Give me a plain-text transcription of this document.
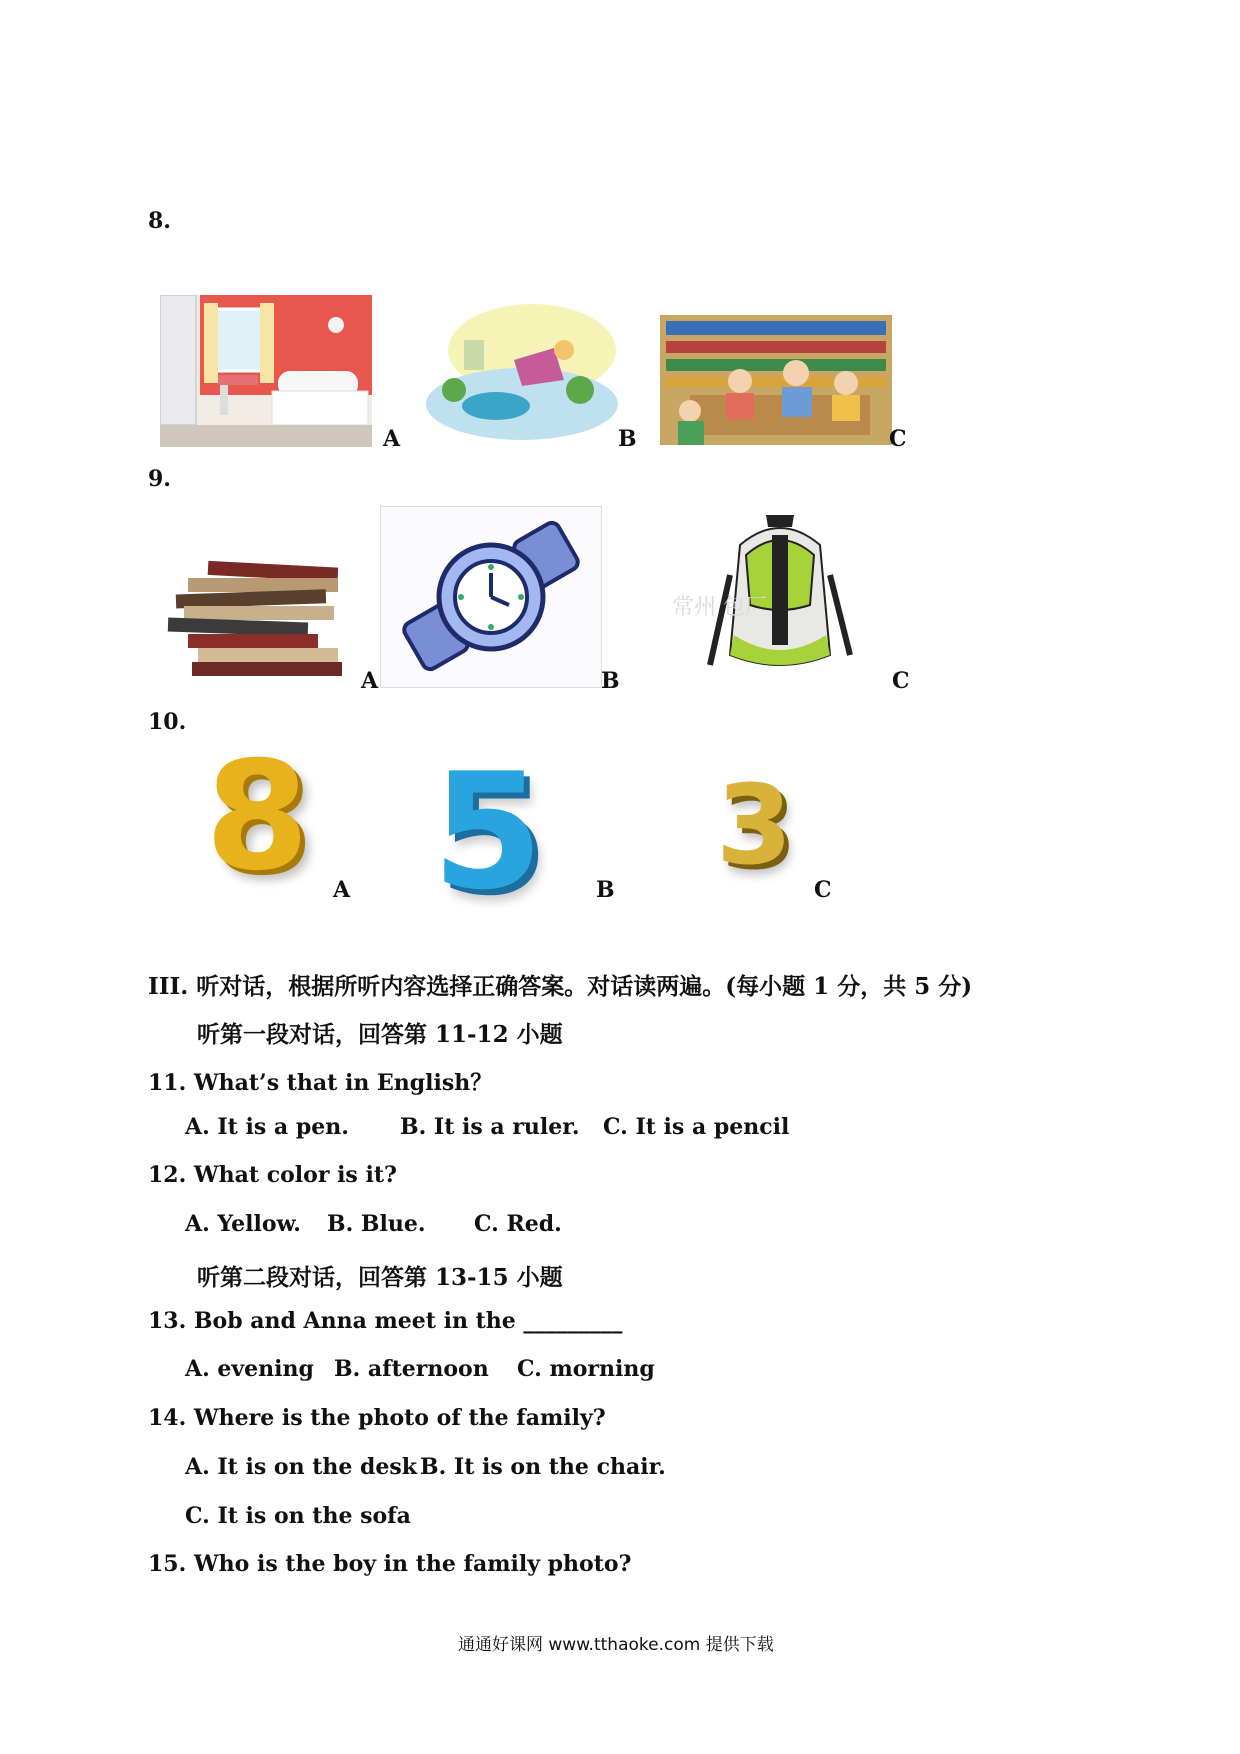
8.
A	B	C
9.
A	B
常州 包厂
C
10.
8 A 5 B
3
C
III. 听对话，根据所听内容选择正确答案。对话读两遍。(每小题 1 分，共 5 分)
听第一段对话，回答第 11-12 小题
11. What’s that in English？
A. It is a pen. B. It is a ruler. C. It is a pencil
12. What color is it?
A. Yellow. B. Blue. C. Red.
听第二段对话，回答第 13-15 小题
13. Bob and Anna meet in the _________
A. evening B. afternoon C. morning
14. Where is the photo of the family?
A. It is on the desk B. It is on the chair.
C. It is on the sofa
15. Who is the boy in the family photo?
通通好课网 www.tthaoke.com 提供下载
